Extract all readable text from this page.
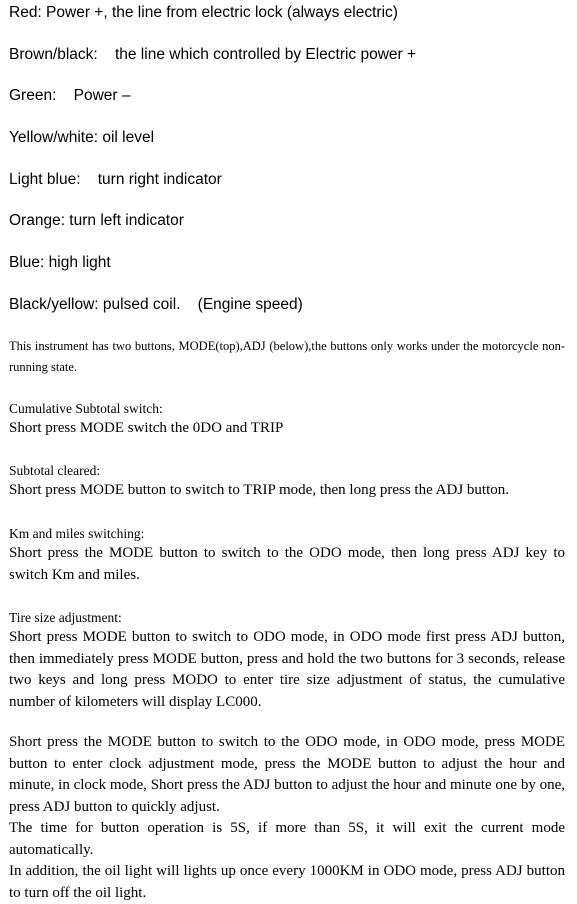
Red: Power +, the line from electric lock (always electric)

Brown/black:    the line which controlled by Electric power +

Green:    Power –

Yellow/white: oil level

Light blue:    turn right indicator

Orange: turn left indicator

Blue: high light

Black/yellow: pulsed coil.    (Engine speed)

This instrument has two buttons, MODE(top),ADJ (below),the buttons only works under the motorcycle non-running state.

Cumulative Subtotal switch:
Short press MODE switch the 0DO and TRIP
Subtotal cleared:
Short press MODE button to switch to TRIP mode, then long press the ADJ button.
Km and miles switching:
Short press the MODE button to switch to the ODO mode, then long press ADJ key to switch Km and miles.
Tire size adjustment:
Short press MODE button to switch to ODO mode, in ODO mode first press ADJ button, then immediately press MODE button, press and hold the two buttons for 3 seconds, release two keys and long press MODO to enter tire size adjustment of status, the cumulative number of kilometers will display LC000.
Short press the MODE button to switch to the ODO mode, in ODO mode, press MODE button to enter clock adjustment mode, press the MODE button to adjust the hour and minute, in clock mode, Short press the ADJ button to adjust the hour and minute one by one, press ADJ button to quickly adjust.
The time for button operation is 5S, if more than 5S, it will exit the current mode automatically.
In addition, the oil light will lights up once every 1000KM in ODO mode, press ADJ button to turn off the oil light.
